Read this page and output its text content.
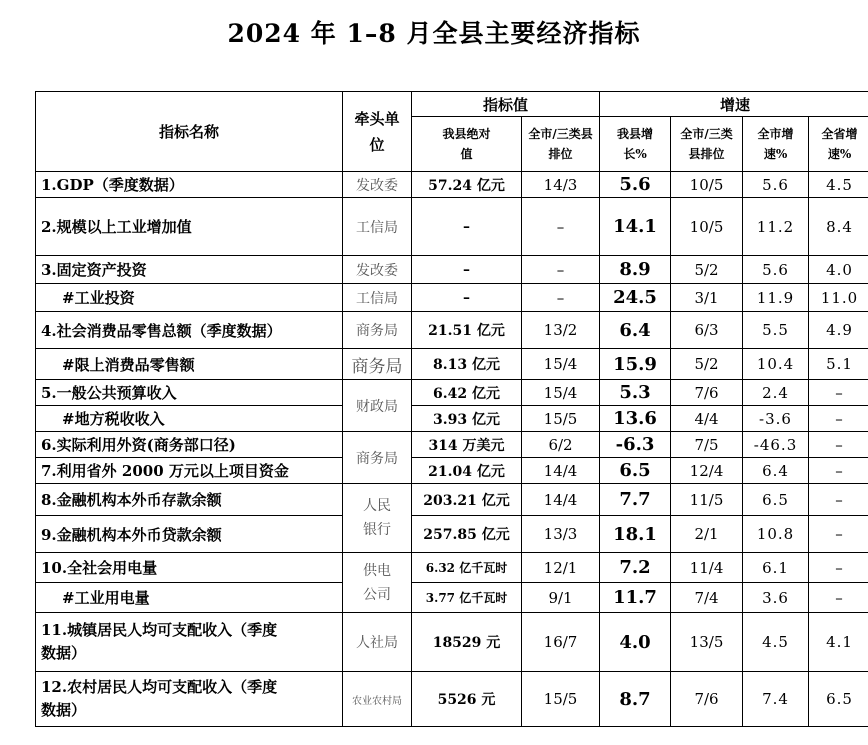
2024 年 1–8 月全县主要经济指标
指标名称	牵头单位	指标值		增速			
		我县绝对值	全市/三类县排位	我县增长%	全市/三类县排位	全市增速%	全省增速%
1.GDP（季度数据）	发改委	57.24 亿元	14/3	5.6	10/5	5.6	4.5
2.规模以上工业增加值	工信局	–	–	14.1	10/5	11.2	8.4
3.固定资产投资	发改委	–	–	8.9	5/2	5.6	4.0
#工业投资	工信局	–	–	24.5	3/1	11.9	11.0
4.社会消费品零售总额（季度数据）	商务局	21.51 亿元	13/2	6.4	6/3	5.5	4.9
#限上消费品零售额	商务局	8.13 亿元	15/4	15.9	5/2	10.4	5.1
5.一般公共预算收入	财政局	6.42 亿元	15/4	5.3	7/6	2.4	–
#地方税收收入		3.93 亿元	15/5	13.6	4/4	-3.6	–
6.实际利用外资(商务部口径)	商务局	314 万美元	6/2	-6.3	7/5	-46.3	–
7.利用省外 2000 万元以上项目资金		21.04 亿元	14/4	6.5	12/4	6.4	–
8.金融机构本外币存款余额	人民银行	203.21 亿元	14/4	7.7	11/5	6.5	–
9.金融机构本外币贷款余额		257.85 亿元	13/3	18.1	2/1	10.8	–
10.全社会用电量	供电公司	6.32 亿千瓦时	12/1	7.2	11/4	6.1	–
#工业用电量		3.77 亿千瓦时	9/1	11.7	7/4	3.6	–
11.城镇居民人均可支配收入（季度数据）	人社局	18529 元	16/7	4.0	13/5	4.5	4.1
12.农村居民人均可支配收入（季度数据）	农业农村局	5526 元	15/5	8.7	7/6	7.4	6.5
